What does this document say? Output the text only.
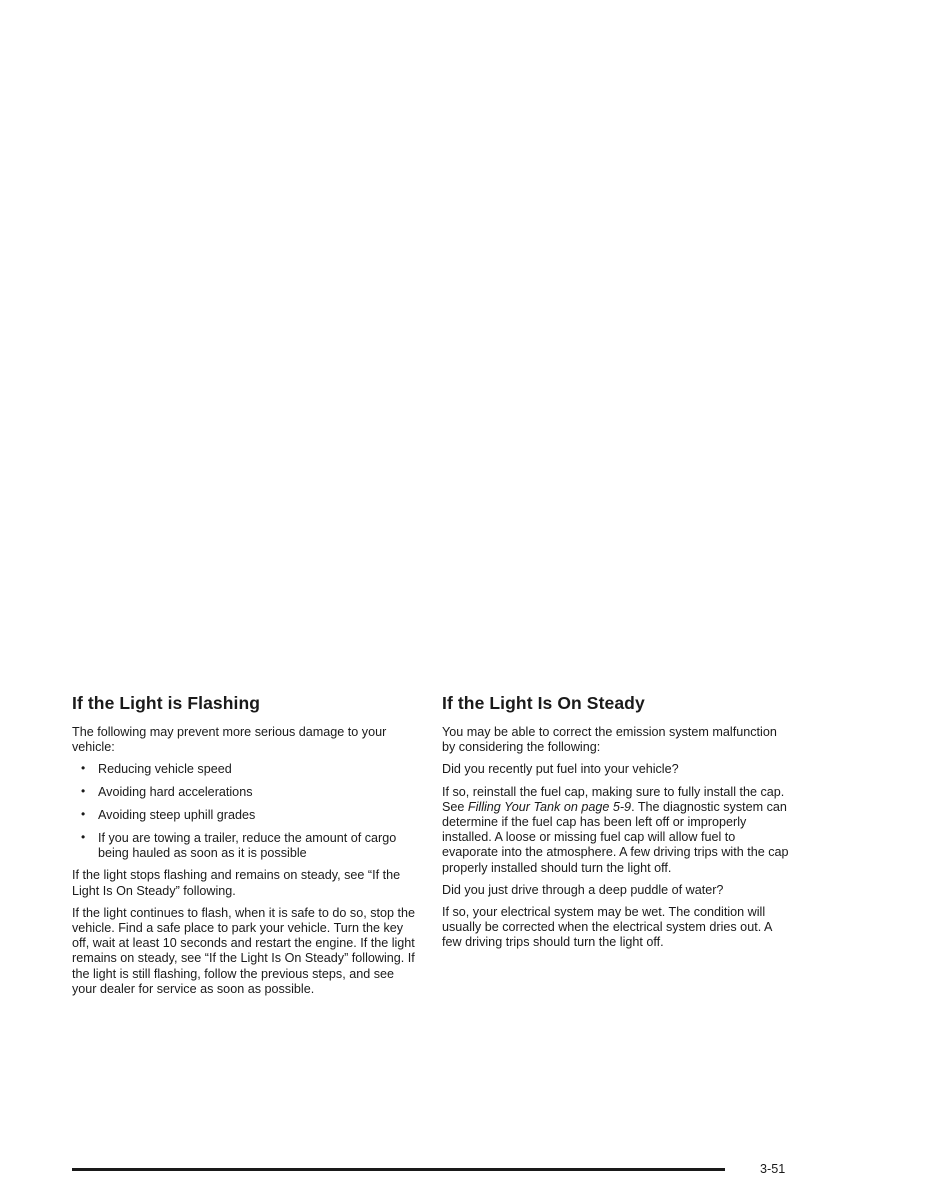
If the Light is Flashing

The following may prevent more serious damage to your vehicle:

• Reducing vehicle speed
• Avoiding hard accelerations
• Avoiding steep uphill grades
• If you are towing a trailer, reduce the amount of cargo being hauled as soon as it is possible

If the light stops flashing and remains on steady, see “If the Light Is On Steady” following.

If the light continues to flash, when it is safe to do so, stop the vehicle. Find a safe place to park your vehicle. Turn the key off, wait at least 10 seconds and restart the engine. If the light remains on steady, see “If the Light Is On Steady” following. If the light is still flashing, follow the previous steps, and see your dealer for service as soon as possible.

If the Light Is On Steady

You may be able to correct the emission system malfunction by considering the following:

Did you recently put fuel into your vehicle?

If so, reinstall the fuel cap, making sure to fully install the cap. See Filling Your Tank on page 5-9. The diagnostic system can determine if the fuel cap has been left off or improperly installed. A loose or missing fuel cap will allow fuel to evaporate into the atmosphere. A few driving trips with the cap properly installed should turn the light off.

Did you just drive through a deep puddle of water?

If so, your electrical system may be wet. The condition will usually be corrected when the electrical system dries out. A few driving trips should turn the light off.

3-51
